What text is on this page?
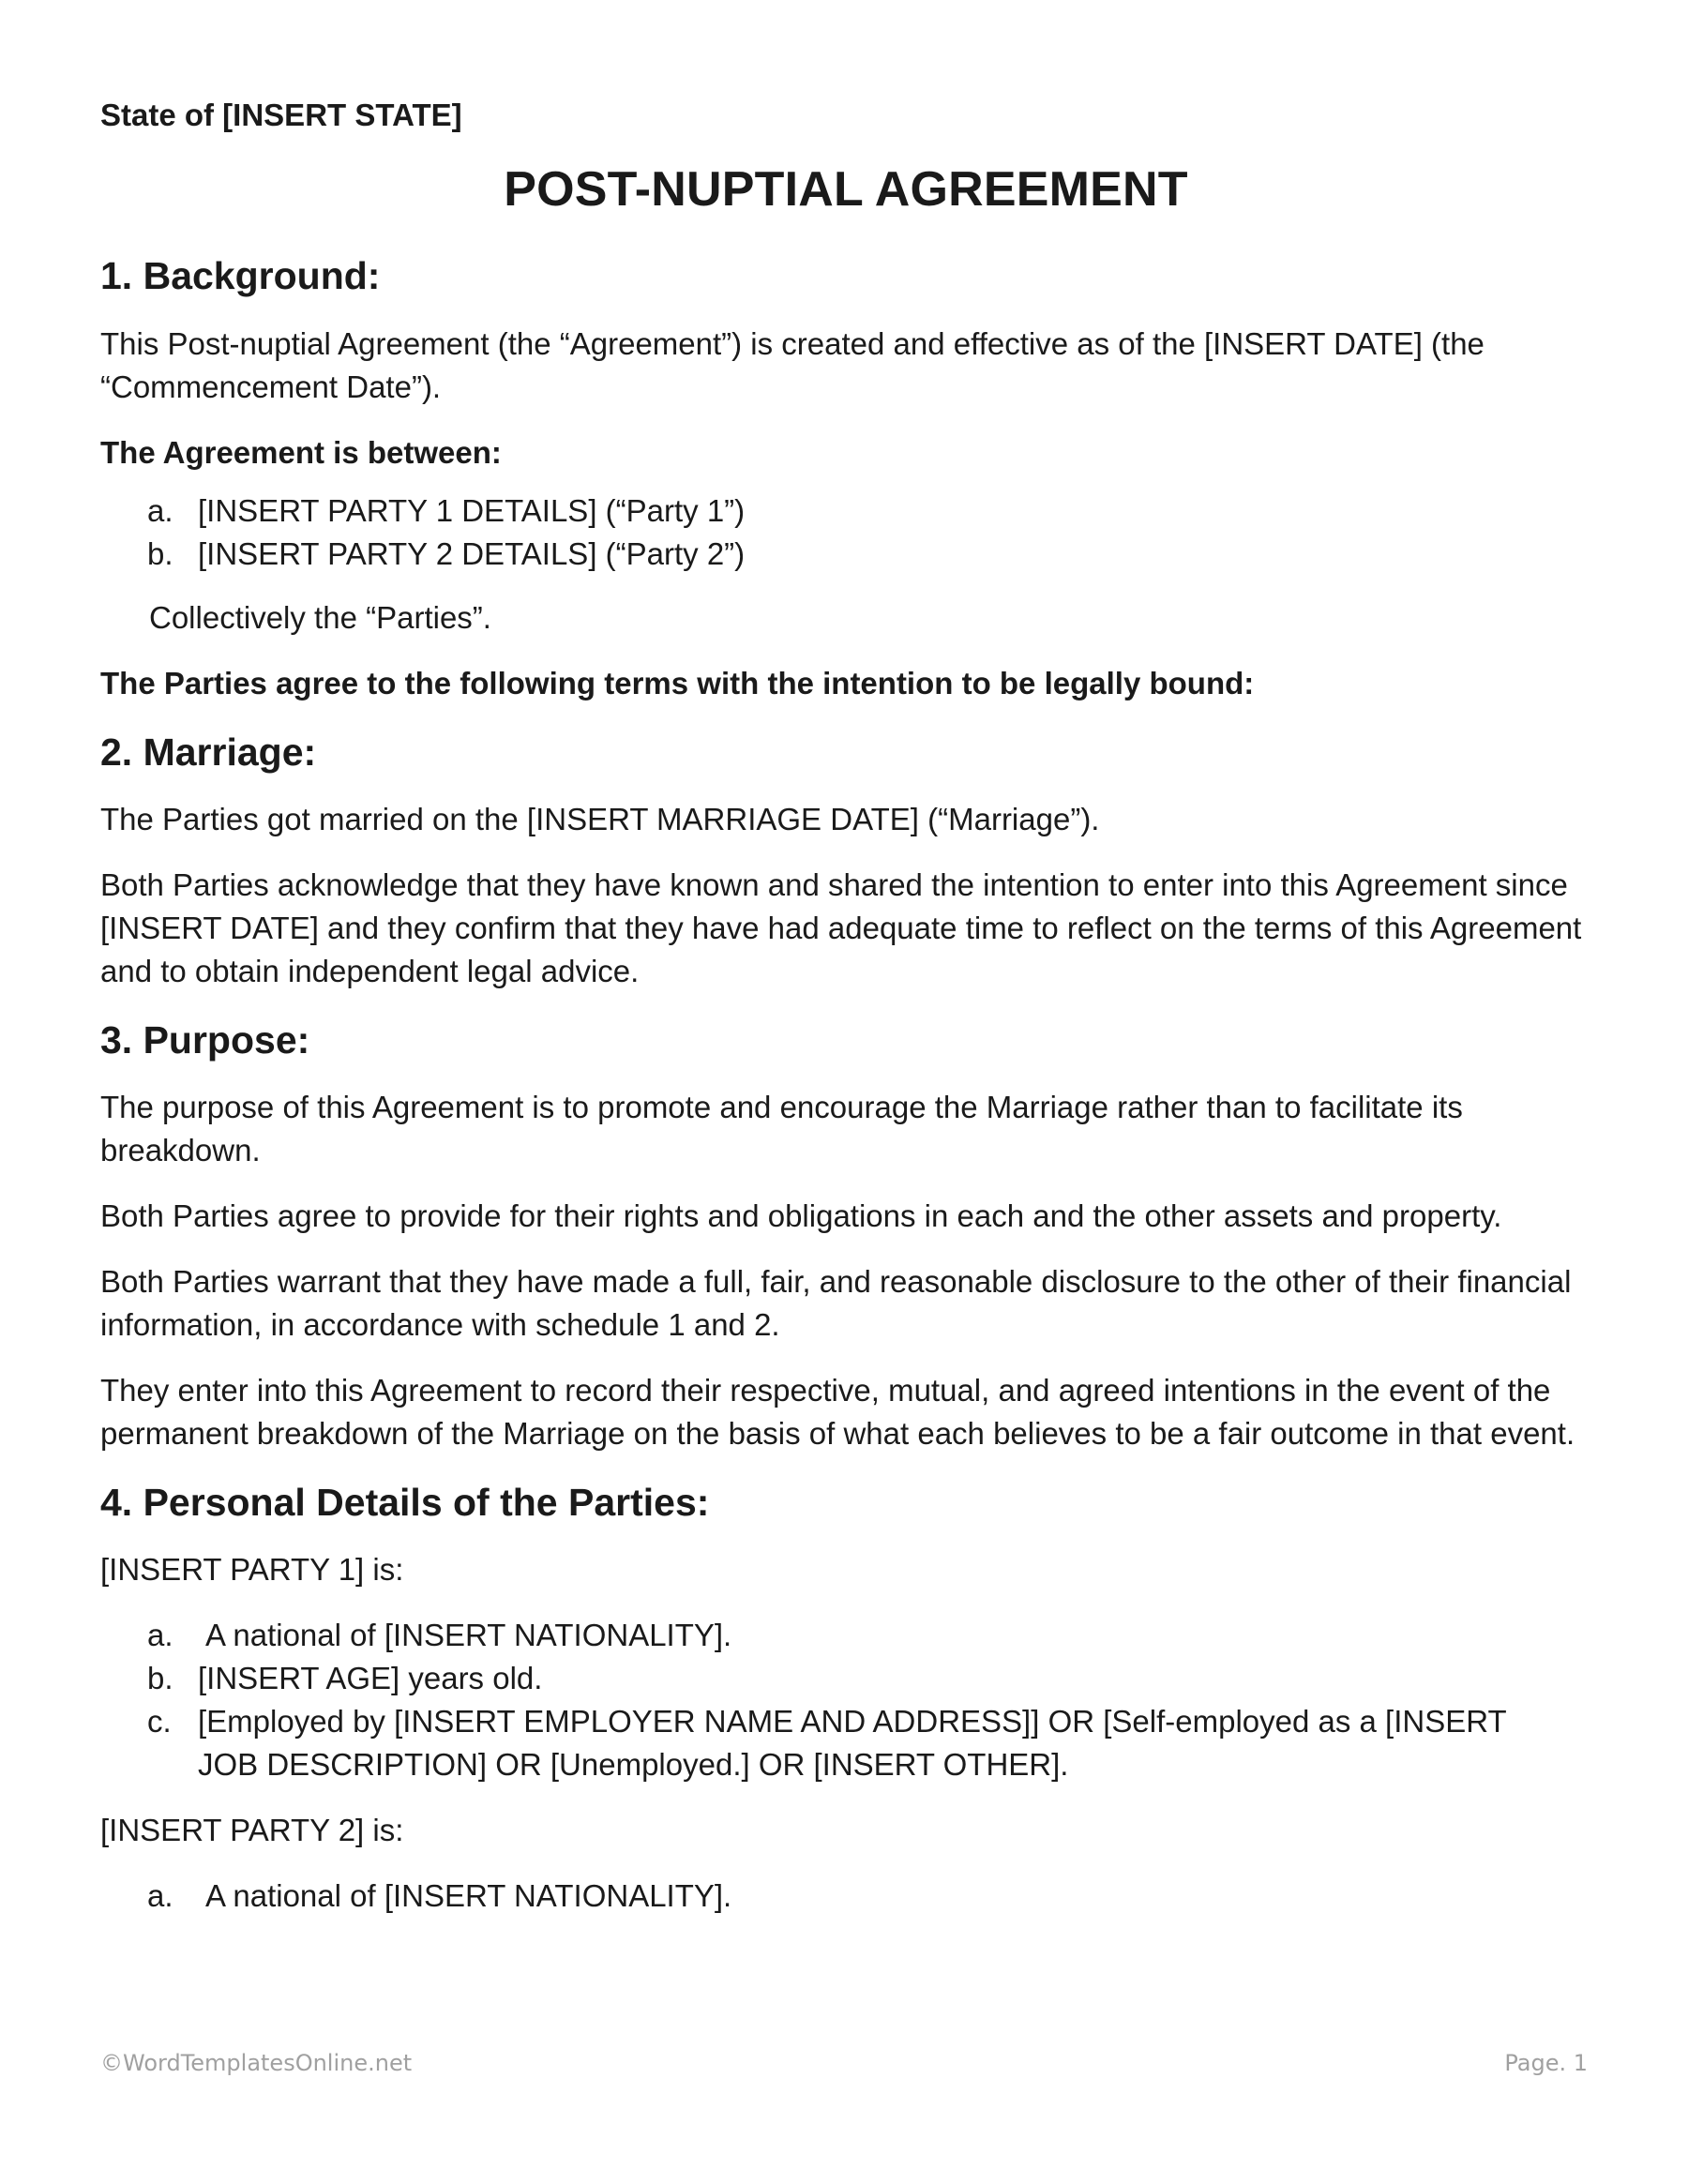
State of [INSERT STATE]
POST-NUPTIAL AGREEMENT
1. Background:

This Post-nuptial Agreement (the “Agreement”) is created and effective as of the [INSERT DATE] (the “Commencement Date”).

The Agreement is between:

a. [INSERT PARTY 1 DETAILS] (“Party 1”)
b. [INSERT PARTY 2 DETAILS] (“Party 2”)

Collectively the “Parties”.

The Parties agree to the following terms with the intention to be legally bound:

2. Marriage:

The Parties got married on the [INSERT MARRIAGE DATE] (“Marriage”).

Both Parties acknowledge that they have known and shared the intention to enter into this Agreement since [INSERT DATE] and they confirm that they have had adequate time to reflect on the terms of this Agreement and to obtain independent legal advice.

3. Purpose:

The purpose of this Agreement is to promote and encourage the Marriage rather than to facilitate its breakdown.

Both Parties agree to provide for their rights and obligations in each and the other assets and property.

Both Parties warrant that they have made a full, fair, and reasonable disclosure to the other of their financial information, in accordance with schedule 1 and 2.

They enter into this Agreement to record their respective, mutual, and agreed intentions in the event of the permanent breakdown of the Marriage on the basis of what each believes to be a fair outcome in that event.

4. Personal Details of the Parties:

[INSERT PARTY 1] is:

a. A national of [INSERT NATIONALITY].
b. [INSERT AGE] years old.
c. [Employed by [INSERT EMPLOYER NAME AND ADDRESS]] OR [Self-employed as a [INSERT JOB DESCRIPTION] OR [Unemployed.] OR [INSERT OTHER].

[INSERT PARTY 2] is:

a. A national of [INSERT NATIONALITY].
©WordTemplatesOnline.net	Page. 1
